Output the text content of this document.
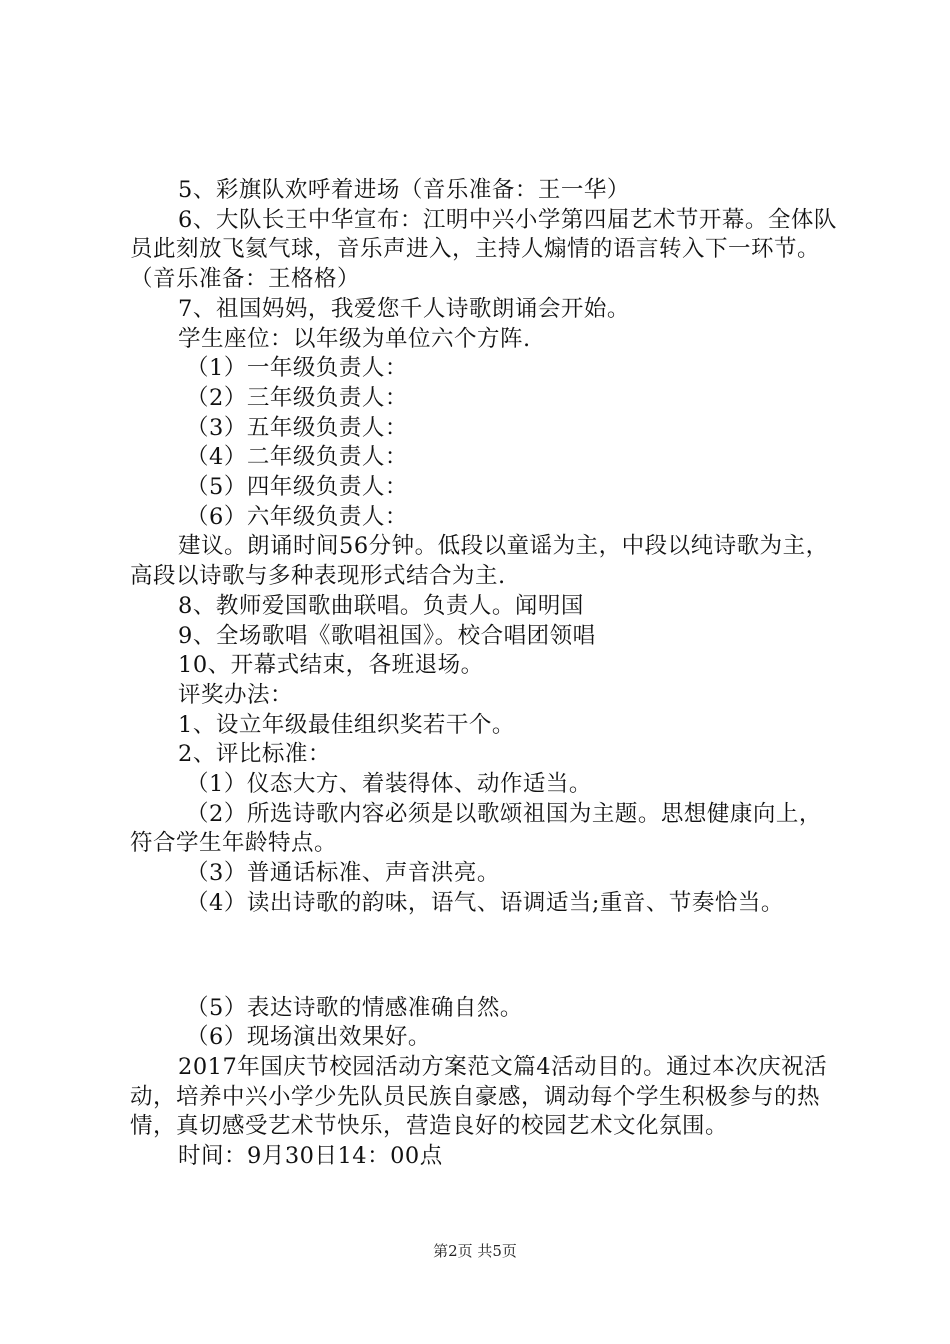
5、彩旗队欢呼着进场（音乐准备：王一华）

6、大队长王中华宣布：江明中兴小学第四届艺术节开幕。全体队员此刻放飞氦气球，音乐声进入，主持人煽情的语言转入下一环节。（音乐准备：王格格）

7、祖国妈妈，我爱您千人诗歌朗诵会开始。

学生座位：以年级为单位六个方阵.

（1）一年级负责人：

（2）三年级负责人：

（3）五年级负责人：

（4）二年级负责人：

（5）四年级负责人：

（6）六年级负责人：

建议。朗诵时间56分钟。低段以童谣为主，中段以纯诗歌为主，高段以诗歌与多种表现形式结合为主.

8、教师爱国歌曲联唱。负责人。闻明国

9、全场歌唱《歌唱祖国》。校合唱团领唱

10、开幕式结束，各班退场。

评奖办法：

1、设立年级最佳组织奖若干个。

2、评比标准：

（1）仪态大方、着装得体、动作适当。

（2）所选诗歌内容必须是以歌颂祖国为主题。思想健康向上，符合学生年龄特点。

（3）普通话标准、声音洪亮。

（4）读出诗歌的韵味，语气、语调适当;重音、节奏恰当。

（5）表达诗歌的情感准确自然。

（6）现场演出效果好。

2017年国庆节校园活动方案范文篇4活动目的。通过本次庆祝活动，培养中兴小学少先队员民族自豪感，调动每个学生积极参与的热情，真切感受艺术节快乐，营造良好的校园艺术文化氛围。

时间：9月30日14：00点

第2页 共5页
